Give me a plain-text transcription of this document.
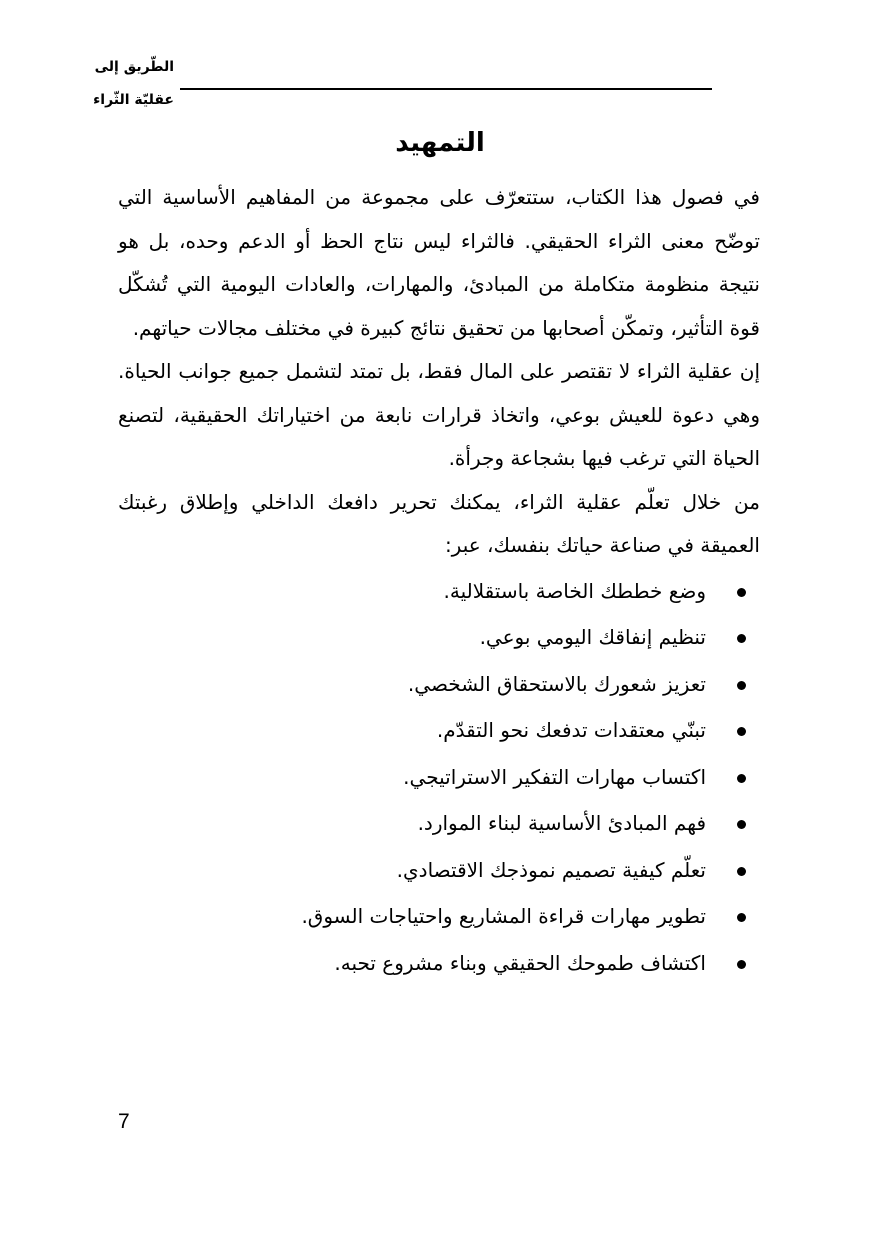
الطّريق إلى
عقليّة الثّراء
التمهيد

في فصول هذا الكتاب، ستتعرّف على مجموعة من المفاهيم الأساسية التي توضّح معنى الثراء الحقيقي. فالثراء ليس نتاج الحظ أو الدعم وحده، بل هو نتيجة منظومة متكاملة من المبادئ، والمهارات، والعادات اليومية التي تُشكّل قوة التأثير، وتمكّن أصحابها من تحقيق نتائج كبيرة في مختلف مجالات حياتهم.

إن عقلية الثراء لا تقتصر على المال فقط، بل تمتد لتشمل جميع جوانب الحياة. وهي دعوة للعيش بوعي، واتخاذ قرارات نابعة من اختياراتك الحقيقية، لتصنع الحياة التي ترغب فيها بشجاعة وجرأة.

من خلال تعلّم عقلية الثراء، يمكنك تحرير دافعك الداخلي وإطلاق رغبتك العميقة في صناعة حياتك بنفسك، عبر:

وضع خططك الخاصة باستقلالية.
تنظيم إنفاقك اليومي بوعي.
تعزيز شعورك بالاستحقاق الشخصي.
تبنّي معتقدات تدفعك نحو التقدّم.
اكتساب مهارات التفكير الاستراتيجي.
فهم المبادئ الأساسية لبناء الموارد.
تعلّم كيفية تصميم نموذجك الاقتصادي.
تطوير مهارات قراءة المشاريع واحتياجات السوق.
اكتشاف طموحك الحقيقي وبناء مشروع تحبه.
7
